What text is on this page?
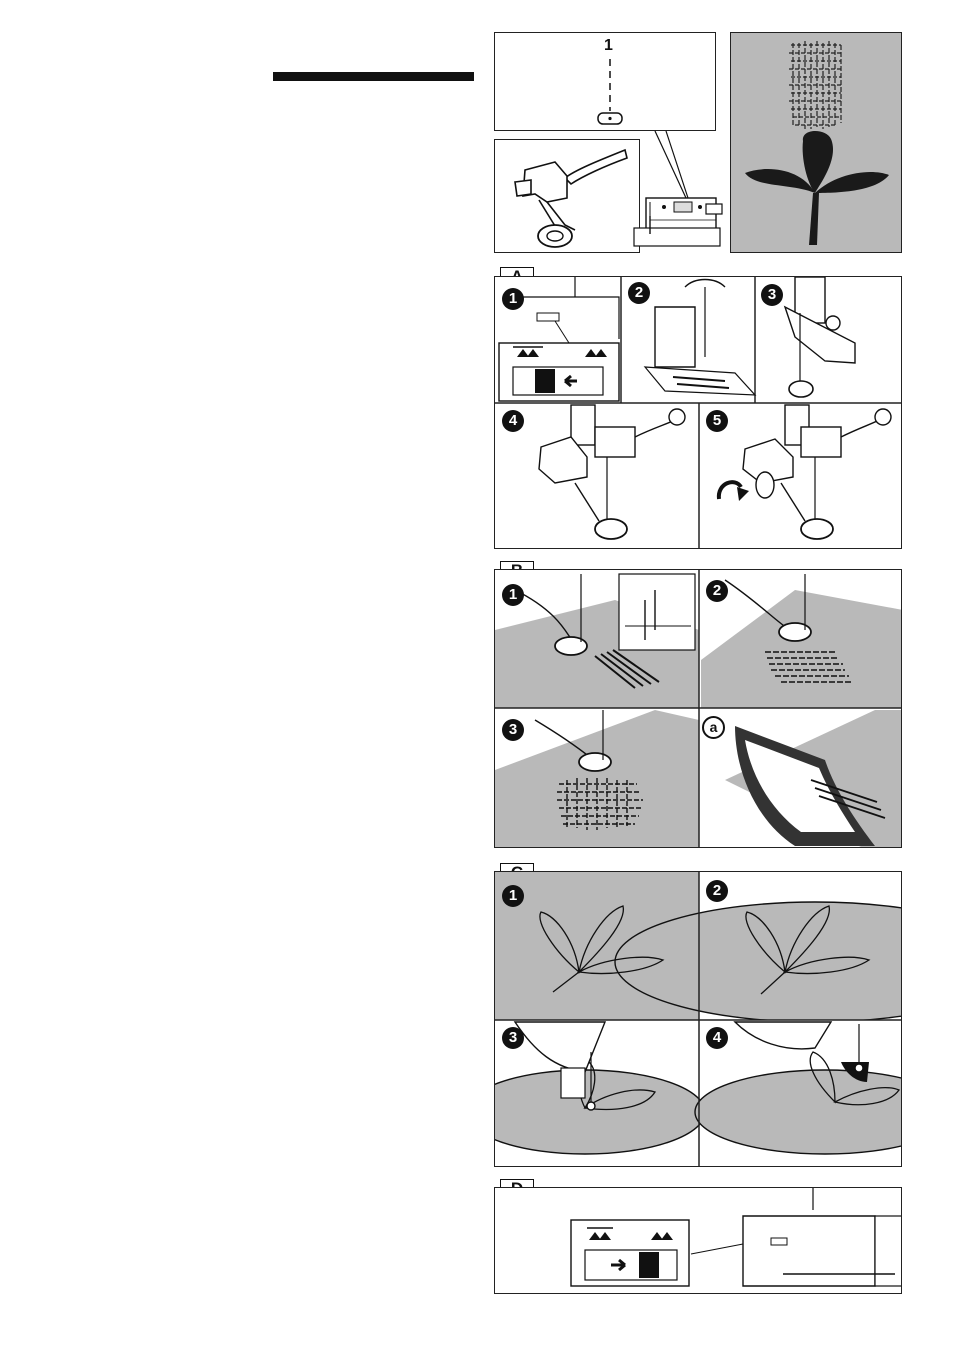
1
1	2	3
4	5
1	2
3	a
1	2
3	4
